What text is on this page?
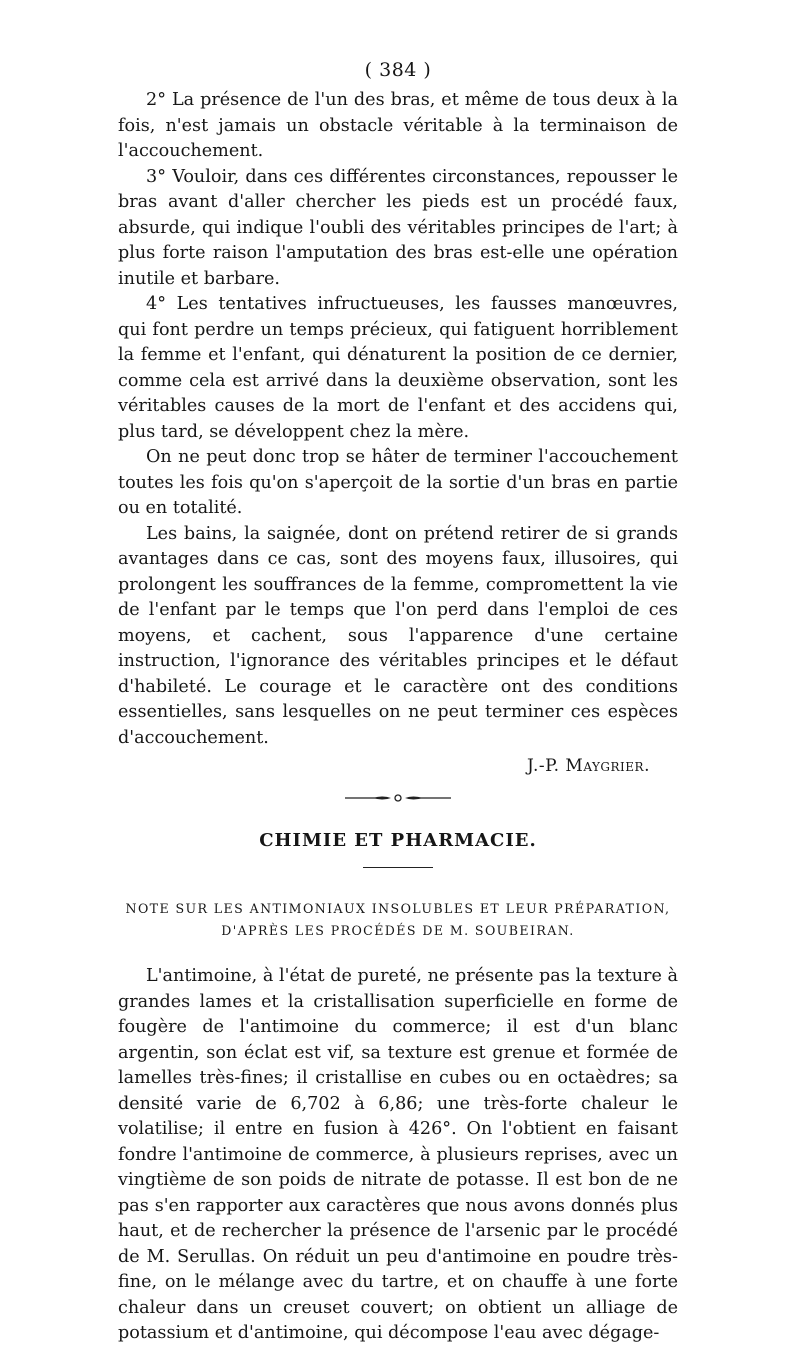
( 384 )

2° La présence de l'un des bras, et même de tous deux à la fois, n'est jamais un obstacle véritable à la terminaison de l'accouchement.

3° Vouloir, dans ces différentes circonstances, repousser le bras avant d'aller chercher les pieds est un procédé faux, absurde, qui indique l'oubli des véritables principes de l'art; à plus forte raison l'amputation des bras est-elle une opération inutile et barbare.

4° Les tentatives infructueuses, les fausses manœuvres, qui font perdre un temps précieux, qui fatiguent horriblement la femme et l'enfant, qui dénaturent la position de ce dernier, comme cela est arrivé dans la deuxième observation, sont les véritables causes de la mort de l'enfant et des accidens qui, plus tard, se développent chez la mère.

On ne peut donc trop se hâter de terminer l'accouchement toutes les fois qu'on s'aperçoit de la sortie d'un bras en partie ou en totalité.

Les bains, la saignée, dont on prétend retirer de si grands avantages dans ce cas, sont des moyens faux, illusoires, qui prolongent les souffrances de la femme, compromettent la vie de l'enfant par le temps que l'on perd dans l'emploi de ces moyens, et cachent, sous l'apparence d'une certaine instruction, l'ignorance des véritables principes et le défaut d'habileté. Le courage et le caractère ont des conditions essentielles, sans lesquelles on ne peut terminer ces espèces d'accouchement.

J.-P. Maygrier.
CHIMIE ET PHARMACIE.
NOTE SUR LES ANTIMONIAUX INSOLUBLES ET LEUR PRÉPARATION,
D'APRÈS LES PROCÉDÉS DE M. SOUBEIRAN.

L'antimoine, à l'état de pureté, ne présente pas la texture à grandes lames et la cristallisation superficielle en forme de fougère de l'antimoine du commerce; il est d'un blanc argentin, son éclat est vif, sa texture est grenue et formée de lamelles très-fines; il cristallise en cubes ou en octaèdres; sa densité varie de 6,702 à 6,86; une très-forte chaleur le volatilise; il entre en fusion à 426°. On l'obtient en faisant fondre l'antimoine de commerce, à plusieurs reprises, avec un vingtième de son poids de nitrate de potasse. Il est bon de ne pas s'en rapporter aux caractères que nous avons donnés plus haut, et de rechercher la présence de l'arsenic par le procédé de M. Serullas. On réduit un peu d'antimoine en poudre très-fine, on le mélange avec du tartre, et on chauffe à une forte chaleur dans un creuset couvert; on obtient un alliage de potassium et d'antimoine, qui décompose l'eau avec dégage-
